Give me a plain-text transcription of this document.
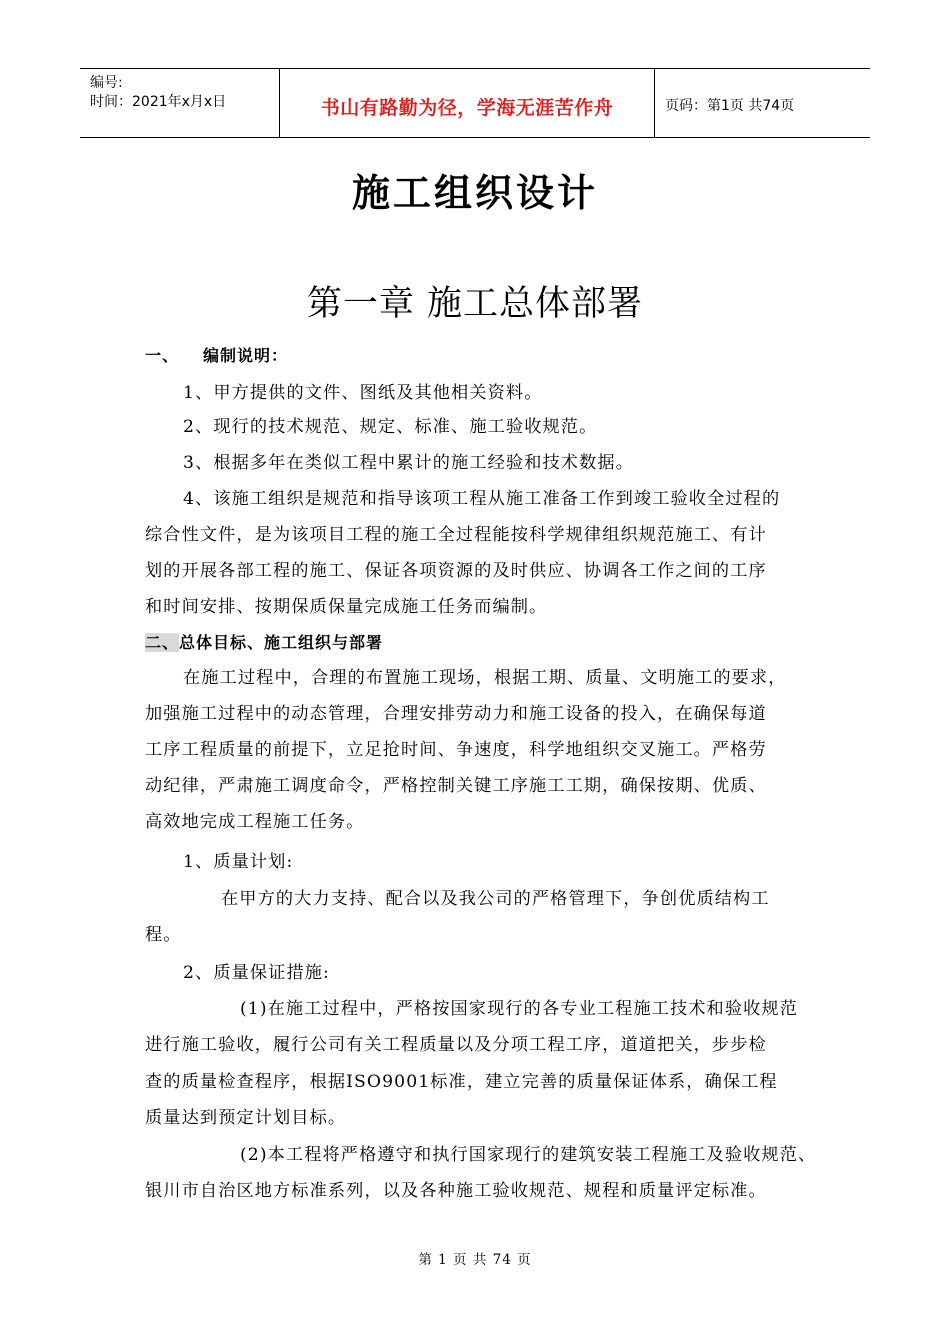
编号:
时间：2021年x月x日	书山有路勤为径，学海无涯苦作舟	页码：第1页 共74页
施工组织设计
第一章 施工总体部署
一、 编制说明：
1、甲方提供的文件、图纸及其他相关资料。
2、现行的技术规范、规定、标准、施工验收规范。
3、根据多年在类似工程中累计的施工经验和技术数据。
4、该施工组织是规范和指导该项工程从施工准备工作到竣工验收全过程的
综合性文件，是为该项目工程的施工全过程能按科学规律组织规范施工、有计
划的开展各部工程的施工、保证各项资源的及时供应、协调各工作之间的工序
和时间安排、按期保质保量完成施工任务而编制。
二、总体目标、施工组织与部署
在施工过程中，合理的布置施工现场，根据工期、质量、文明施工的要求，
加强施工过程中的动态管理，合理安排劳动力和施工设备的投入，在确保每道
工序工程质量的前提下，立足抢时间、争速度，科学地组织交叉施工。严格劳
动纪律，严肃施工调度命令，严格控制关键工序施工工期，确保按期、优质、
高效地完成工程施工任务。
1、质量计划:
在甲方的大力支持、配合以及我公司的严格管理下，争创优质结构工
程。
2、质量保证措施:
(1)在施工过程中，严格按国家现行的各专业工程施工技术和验收规范
进行施工验收，履行公司有关工程质量以及分项工程工序，道道把关，步步检
查的质量检查程序，根据ISO9001标准，建立完善的质量保证体系，确保工程
质量达到预定计划目标。
(2)本工程将严格遵守和执行国家现行的建筑安装工程施工及验收规范、
银川市自治区地方标准系列，以及各种施工验收规范、规程和质量评定标准。
第 1 页 共 74 页
